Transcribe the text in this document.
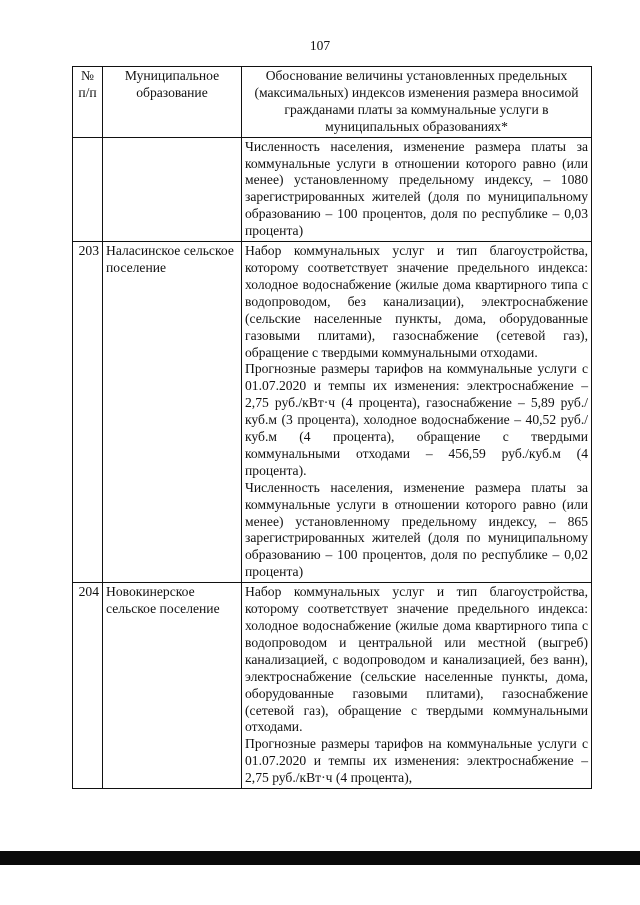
107
№ п/п	Муниципальное образование	Обоснование величины установленных предельных (максимальных) индексов изменения размера вносимой гражданами платы за коммунальные услуги в муниципальных образованиях*

		Численность населения, изменение размера платы за коммунальные услуги в отношении которого равно (или менее) установленному предельному индексу, – 1080 зарегистрированных жителей (доля по муниципальному образованию – 100 процентов, доля по республике – 0,03 процента)

203	Наласинское сельское поселение	Набор коммунальных услуг и тип благоустройства, которому соответствует значение предельного индекса: холодное водоснабжение (жилые дома квартирного типа с водопроводом, без канализации), электроснабжение (сельские населенные пункты, дома, оборудованные газовыми плитами), газоснабжение (сетевой газ), обращение с твердыми коммунальными отходами.

Прогнозные размеры тарифов на коммунальные услуги с 01.07.2020 и темпы их изменения: электроснабжение – 2,75 руб./кВт·ч (4 процента), газоснабжение – 5,89 руб./куб.м (3 процента), холодное водоснабжение – 40,52 руб./куб.м (4 процента), обращение с твердыми коммунальными отходами – 456,59 руб./куб.м (4 процента).

Численность населения, изменение размера платы за коммунальные услуги в отношении которого равно (или менее) установленному предельному индексу, – 865 зарегистрированных жителей (доля по муниципальному образованию – 100 процентов, доля по республике – 0,02 процента)

204	Новокинерское сельское поселение	Набор коммунальных услуг и тип благоустройства, которому соответствует значение предельного индекса: холодное водоснабжение (жилые дома квартирного типа с водопроводом и центральной или местной (выгреб) канализацией, с водопроводом и канализацией, без ванн), электроснабжение (сельские населенные пункты, дома, оборудованные газовыми плитами), газоснабжение (сетевой газ), обращение с твердыми коммунальными отходами.

Прогнозные размеры тарифов на коммунальные услуги с 01.07.2020 и темпы их изменения: электроснабжение – 2,75 руб./кВт·ч (4 процента),
